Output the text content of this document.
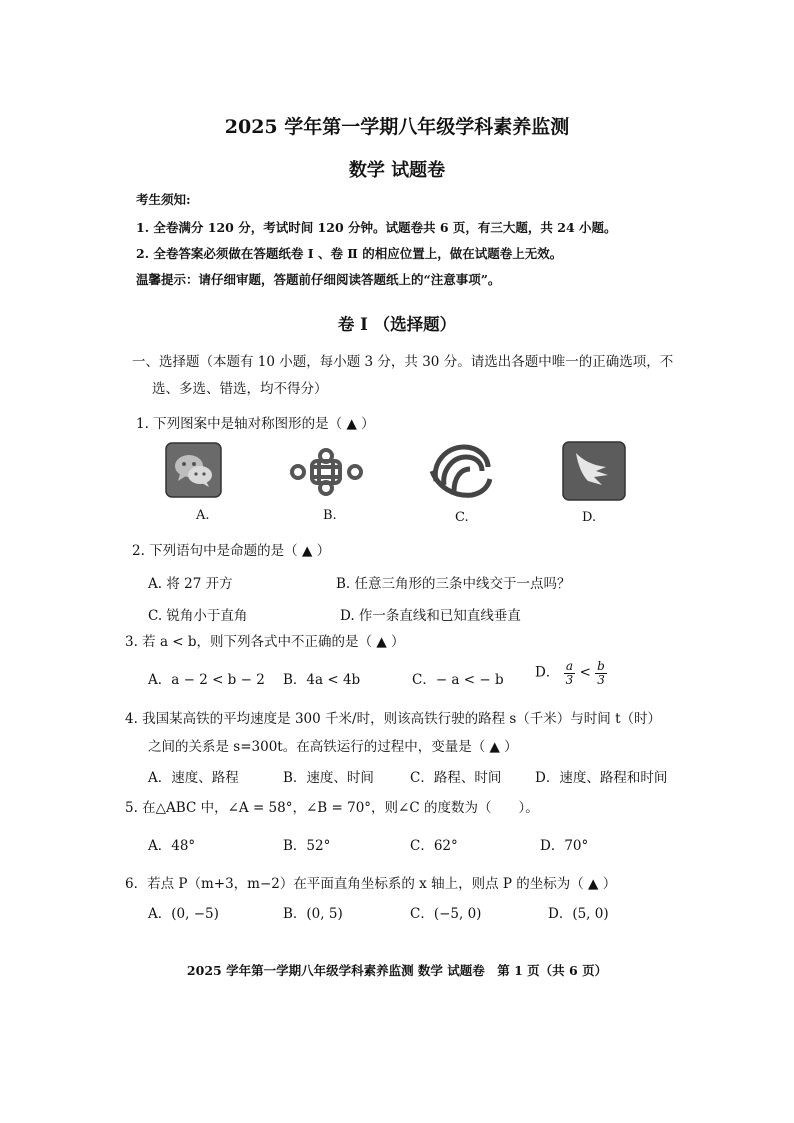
2025 学年第一学期八年级学科素养监测
数学 试题卷
考生须知:
1. 全卷满分 120 分，考试时间 120 分钟。试题卷共 6 页，有三大题，共 24 小题。
2. 全卷答案必须做在答题纸卷 Ⅰ 、卷 Ⅱ 的相应位置上，做在试题卷上无效。
温馨提示：请仔细审题，答题前仔细阅读答题纸上的“注意事项”。
卷 Ⅰ （选择题）
一、选择题（本题有 10 小题，每小题 3 分，共 30 分。请选出各题中唯一的正确选项，不
选、多选、错选，均不得分）
1. 下列图案中是轴对称图形的是（ ▲ ）
A.	B.	C.	D.
2. 下列语句中是命题的是（ ▲ ）
A. 将 27 开方	B. 任意三角形的三条中线交于一点吗？
C. 锐角小于直角	D. 作一条直线和已知直线垂直
3. 若 a < b，则下列各式中不正确的是（ ▲ ）
A．a − 2 < b − 2 B．4a < 4b	C．− a < − b D． $\frac{a}{3} < \frac{b}{3}$
4. 我国某高铁的平均速度是 300 千米/时，则该高铁行驶的路程 s（千米）与时间 t（时）
之间的关系是 s=300t。在高铁运行的过程中，变量是（ ▲ ）
A．速度、路程	B．速度、时间	C．路程、时间 D．速度、路程和时间
5. 在△ABC 中，∠A = 58°，∠B = 70°，则∠C 的度数为（　　）。
A．48°	B．52°	C．62°	D．70°
6．若点 P（m+3，m−2）在平面直角坐标系的 x 轴上，则点 P 的坐标为（ ▲ ）
A．(0, −5)	B．(0, 5)	C．(−5, 0)	D．(5, 0)
2025 学年第一学期八年级学科素养监测 数学 试题卷　第 1 页（共 6 页）
